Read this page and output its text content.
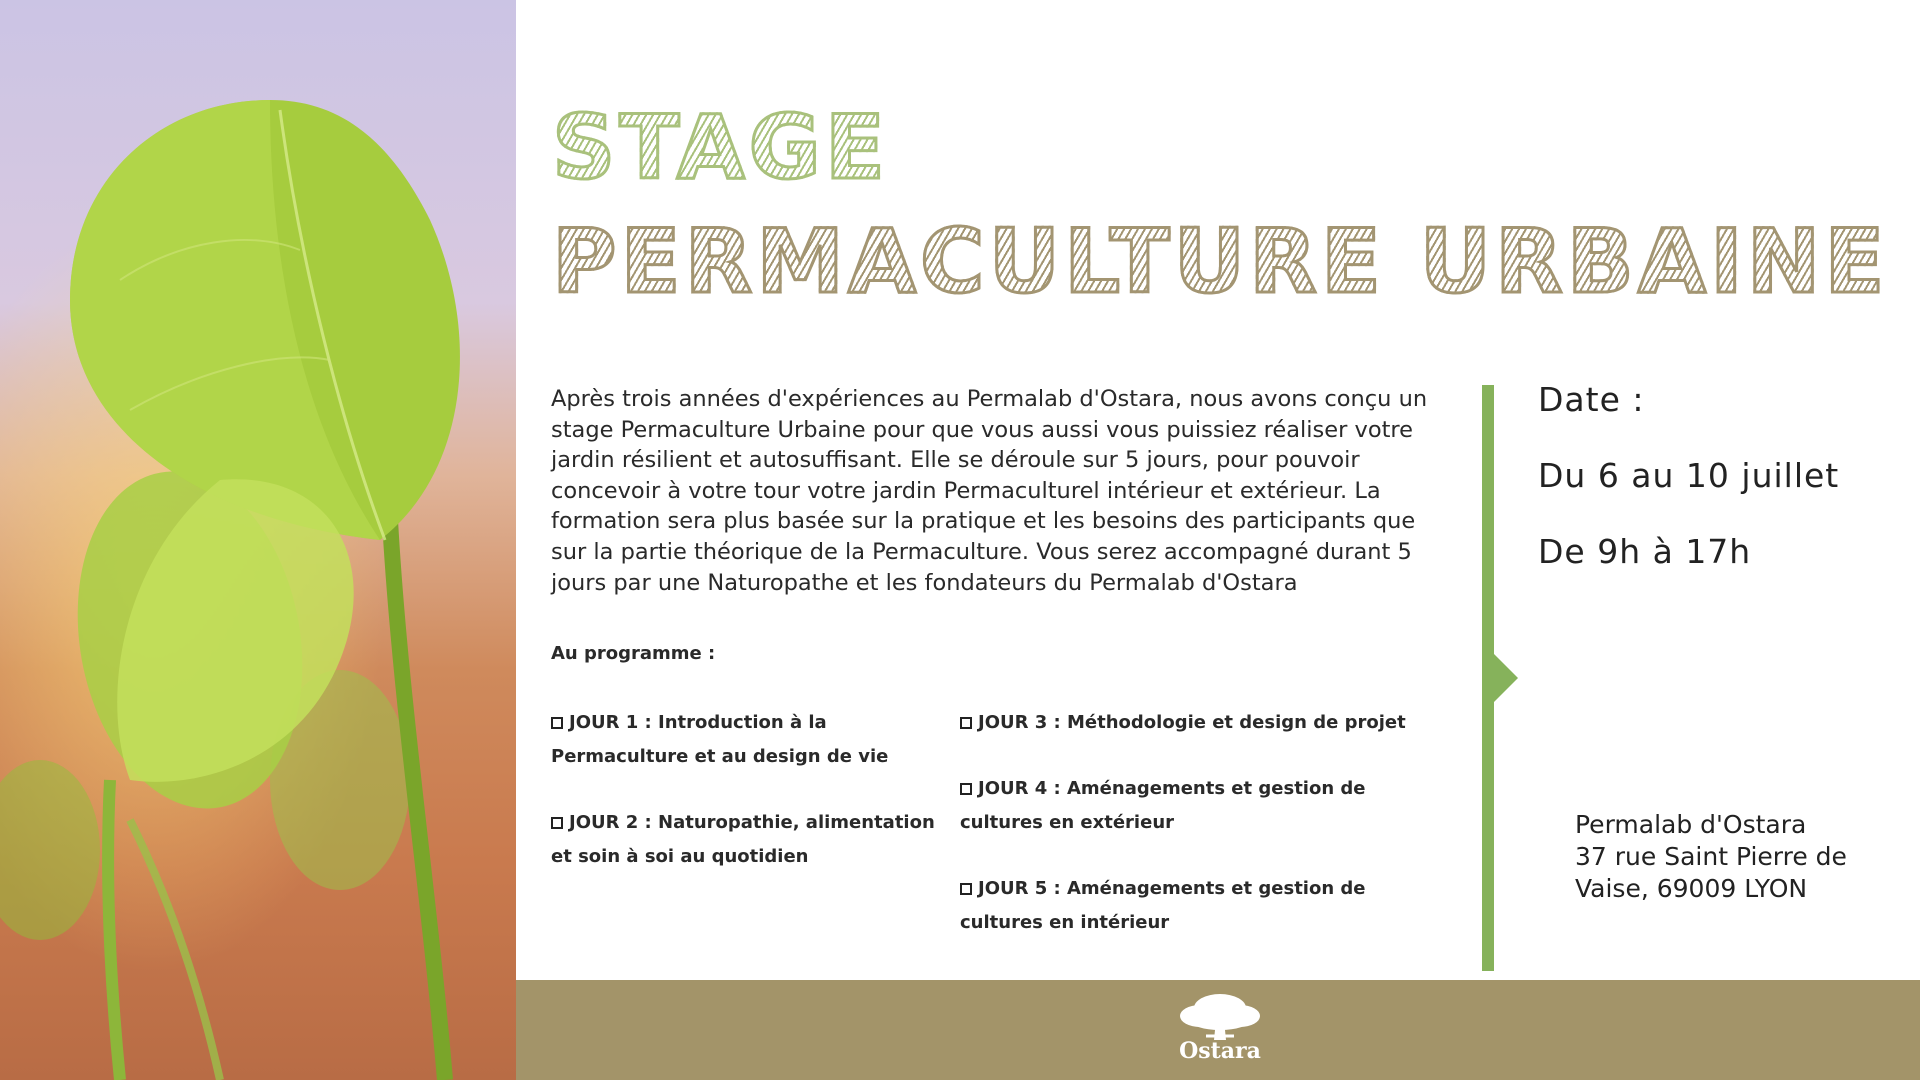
STAGE
PERMACULTURE URBAINE
Après trois années d'expériences au Permalab d'Ostara, nous avons conçu un stage Permaculture Urbaine pour que vous aussi vous puissiez réaliser votre jardin résilient et autosuffisant. Elle se déroule sur 5 jours, pour pouvoir concevoir à votre tour votre jardin Permaculturel intérieur et extérieur. La formation sera plus basée sur la pratique et les besoins des participants que sur la partie théorique de la Permaculture. Vous serez accompagné durant 5 jours par une Naturopathe et les fondateurs du Permalab d'Ostara
Au programme :
JOUR 1 : Introduction à la Permaculture et au design de vie
JOUR 2 : Naturopathie, alimentation et soin à soi au quotidien
JOUR 3 : Méthodologie et design de projet
JOUR 4 : Aménagements et gestion de cultures en extérieur
JOUR 5 : Aménagements et gestion de cultures en intérieur
Date :
Du 6 au 10 juillet
De 9h à 17h
Permalab d'Ostara
37 rue Saint Pierre de
Vaise, 69009 LYON
Ostara
